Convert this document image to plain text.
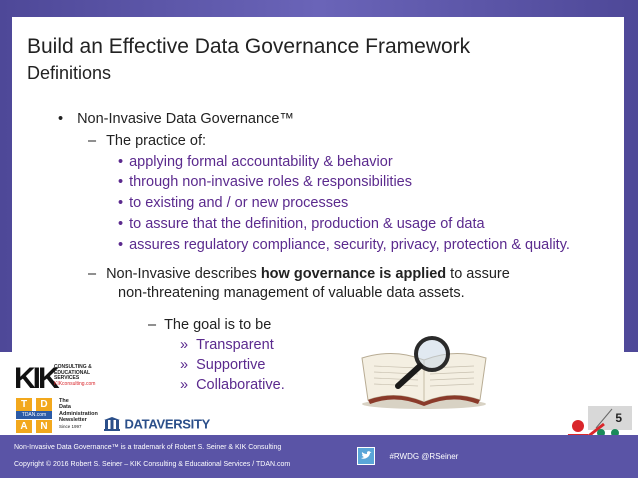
Build an Effective Data Governance Framework
Definitions
• Non-Invasive Data Governance™
– The practice of:
• applying formal accountability & behavior
• through non-invasive roles & responsibilities
• to existing and / or new processes
• to assure that the definition, production & usage of data
• assures regulatory compliance, security, privacy, protection & quality.
– Non-Invasive describes how governance is applied to assure
non-threatening management of valuable data assets.
– The goal is to be
» Transparent
» Supportive
» Collaborative.
KIK
CONSULTING &
EDUCATIONAL
SERVICES
KIKconsulting.com
T	D
TDAN.com
A	N
The
Data
Administration
Newsletter
Since 1997	DATAVERSITY	5
Non-Invasive Data Governance™ is a trademark of Robert S. Seiner & KIK Consulting
Copyright © 2016 Robert S. Seiner – KIK Consulting & Educational Services / TDAN.com
#RWDG @RSeiner
